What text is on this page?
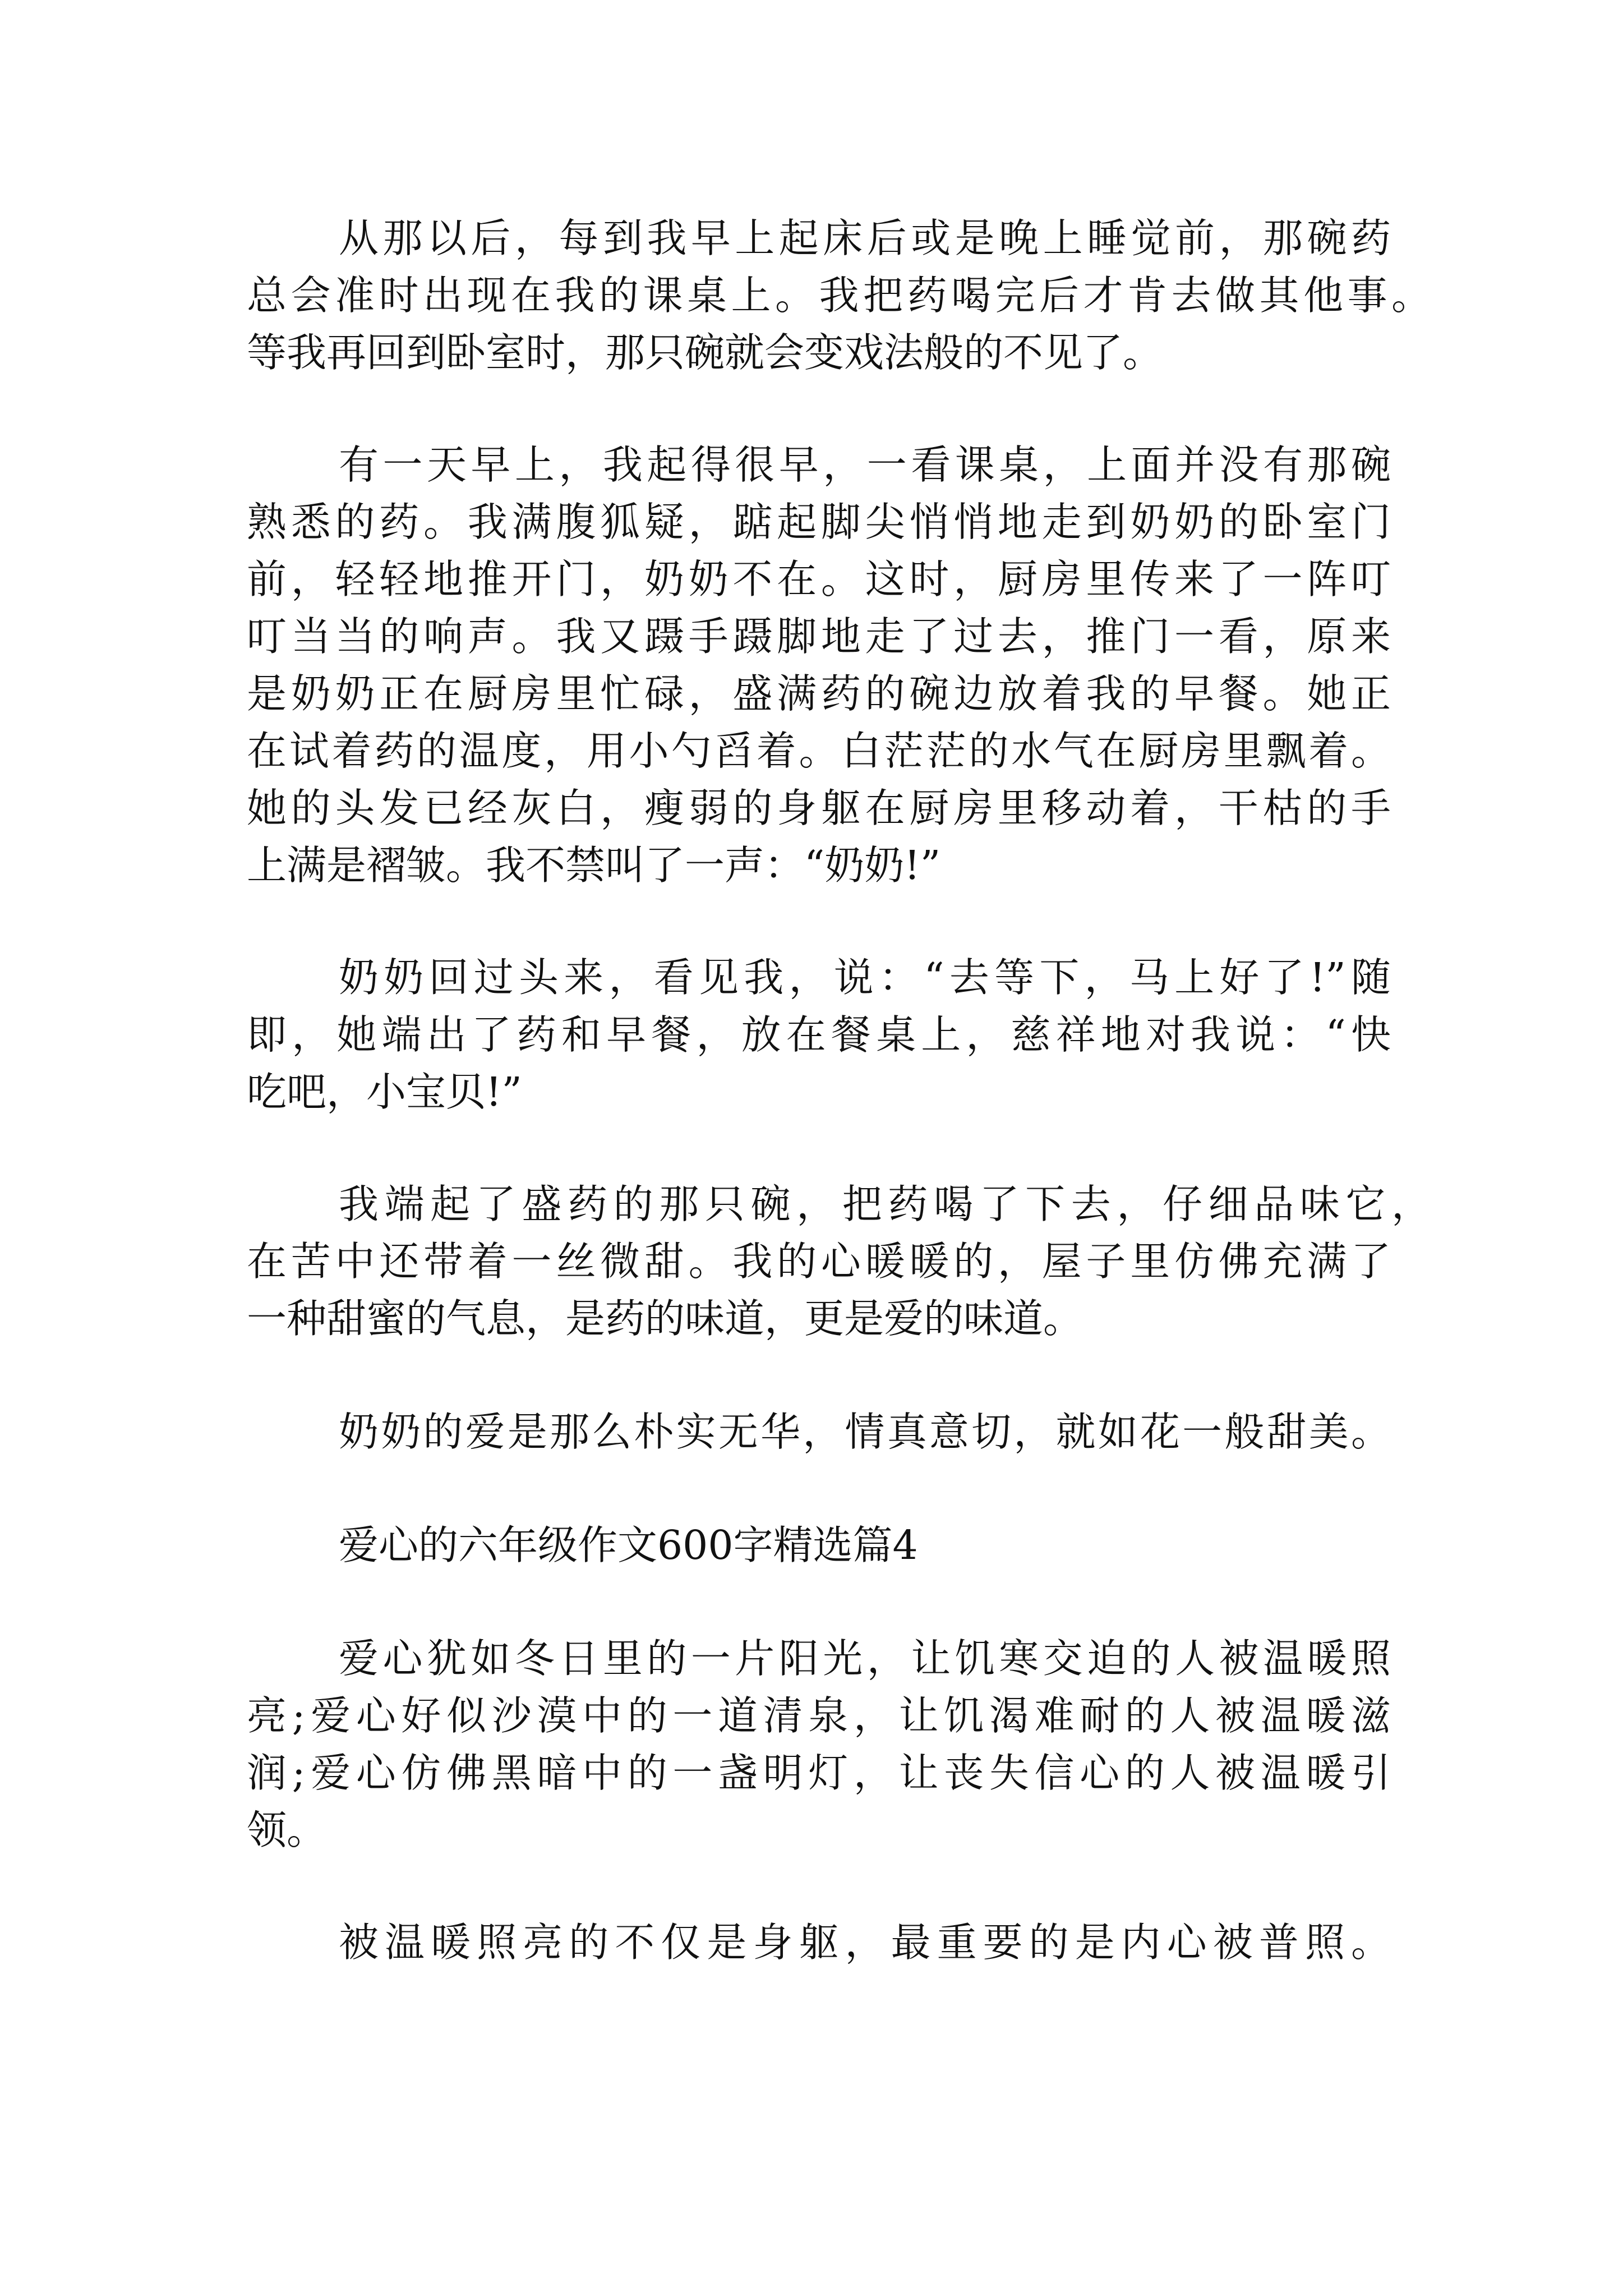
从那以后，每到我早上起床后或是晚上睡觉前，那碗药
总会准时出现在我的课桌上。我把药喝完后才肯去做其他事。
等我再回到卧室时，那只碗就会变戏法般的不见了。
有一天早上，我起得很早，一看课桌，上面并没有那碗
熟悉的药。我满腹狐疑，踮起脚尖悄悄地走到奶奶的卧室门
前，轻轻地推开门，奶奶不在。这时，厨房里传来了一阵叮
叮当当的响声。我又蹑手蹑脚地走了过去，推门一看，原来
是奶奶正在厨房里忙碌，盛满药的碗边放着我的早餐。她正
在试着药的温度，用小勺舀着。白茫茫的水气在厨房里飘着。
她的头发已经灰白，瘦弱的身躯在厨房里移动着，干枯的手
上满是褶皱。我不禁叫了一声：“奶奶!”
奶奶回过头来，看见我，说：“去等下，马上好了!”随
即，她端出了药和早餐，放在餐桌上，慈祥地对我说：“快
吃吧，小宝贝!”
我端起了盛药的那只碗，把药喝了下去，仔细品味它，
在苦中还带着一丝微甜。我的心暖暖的，屋子里仿佛充满了
一种甜蜜的气息，是药的味道，更是爱的味道。
奶奶的爱是那么朴实无华，情真意切，就如花一般甜美。
爱心的六年级作文600字精选篇4
爱心犹如冬日里的一片阳光，让饥寒交迫的人被温暖照
亮;爱心好似沙漠中的一道清泉，让饥渴难耐的人被温暖滋
润;爱心仿佛黑暗中的一盏明灯，让丧失信心的人被温暖引
领。
被温暖照亮的不仅是身躯，最重要的是内心被普照。
